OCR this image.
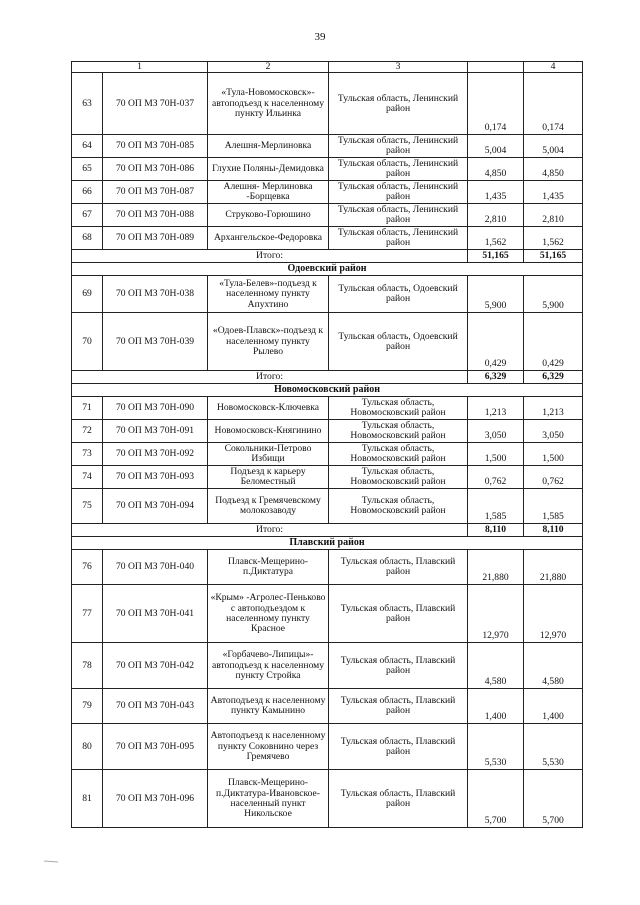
39
1		2	3		4
63	70 ОП МЗ 70Н-037	«Тула-Новомосковск»-автоподъезд к населенному пункту Ильинка	Тульская область, Ленинский район	0,174	0,174
64	70 ОП МЗ 70Н-085	Алешня-Мерлиновка	Тульская область, Ленинский район	5,004	5,004
65	70 ОП МЗ 70Н-086	Глухие Поляны-Демидовка	Тульская область, Ленинский район	4,850	4,850
66	70 ОП МЗ 70Н-087	Алешня- Мерлиновка -Борщевка	Тульская область, Ленинский район	1,435	1,435
67	70 ОП МЗ 70Н-088	Струково-Горюшино	Тульская область, Ленинский район	2,810	2,810
68	70 ОП МЗ 70Н-089	Архангельское-Федоровка	Тульская область, Ленинский район	1,562	1,562
Итого:				51,165	51,165
Одоевский район					
69	70 ОП МЗ 70Н-038	«Тула-Белев»-подъезд к населенному пункту Апухтино	Тульская область, Одоевский район	5,900	5,900
70	70 ОП МЗ 70Н-039	«Одоев-Плавск»-подъезд к населенному пункту Рылево	Тульская область, Одоевский район	0,429	0,429
Итого:				6,329	6,329
Новомосковский район					
71	70 ОП МЗ 70Н-090	Новомосковск-Ключевка	Тульская область, Новомосковский район	1,213	1,213
72	70 ОП МЗ 70Н-091	Новомосковск-Княгинино	Тульская область, Новомосковский район	3,050	3,050
73	70 ОП МЗ 70Н-092	Сокольники-Петрово Избищи	Тульская область, Новомосковский район	1,500	1,500
74	70 ОП МЗ 70Н-093	Подъезд к карьеру Беломестный	Тульская область, Новомосковский район	0,762	0,762
75	70 ОП МЗ 70Н-094	Подъезд к Гремячевскому молокозаводу	Тульская область, Новомосковский район	1,585	1,585
Итого:				8,110	8,110
Плавский район					
76	70 ОП МЗ 70Н-040	Плавск-Мещерино-п.Диктатура	Тульская область, Плавский район	21,880	21,880
77	70 ОП МЗ 70Н-041	«Крым» -Агролес-Пеньково с автоподъездом к населенному пункту Красное	Тульская область, Плавский район	12,970	12,970
78	70 ОП МЗ 70Н-042	«Горбачево-Липицы»-автоподъезд к населенному пункту Стройка	Тульская область, Плавский район	4,580	4,580
79	70 ОП МЗ 70Н-043	Автоподъезд к населенному пункту Камынино	Тульская область, Плавский район	1,400	1,400
80	70 ОП МЗ 70Н-095	Автоподъезд к населенному пункту Соковнино через Гремячево	Тульская область, Плавский район	5,530	5,530
81	70 ОП МЗ 70Н-096	Плавск-Мещерино-п.Диктатура-Ивановское-населенный пункт Никольское	Тульская область, Плавский район	5,700	5,700
